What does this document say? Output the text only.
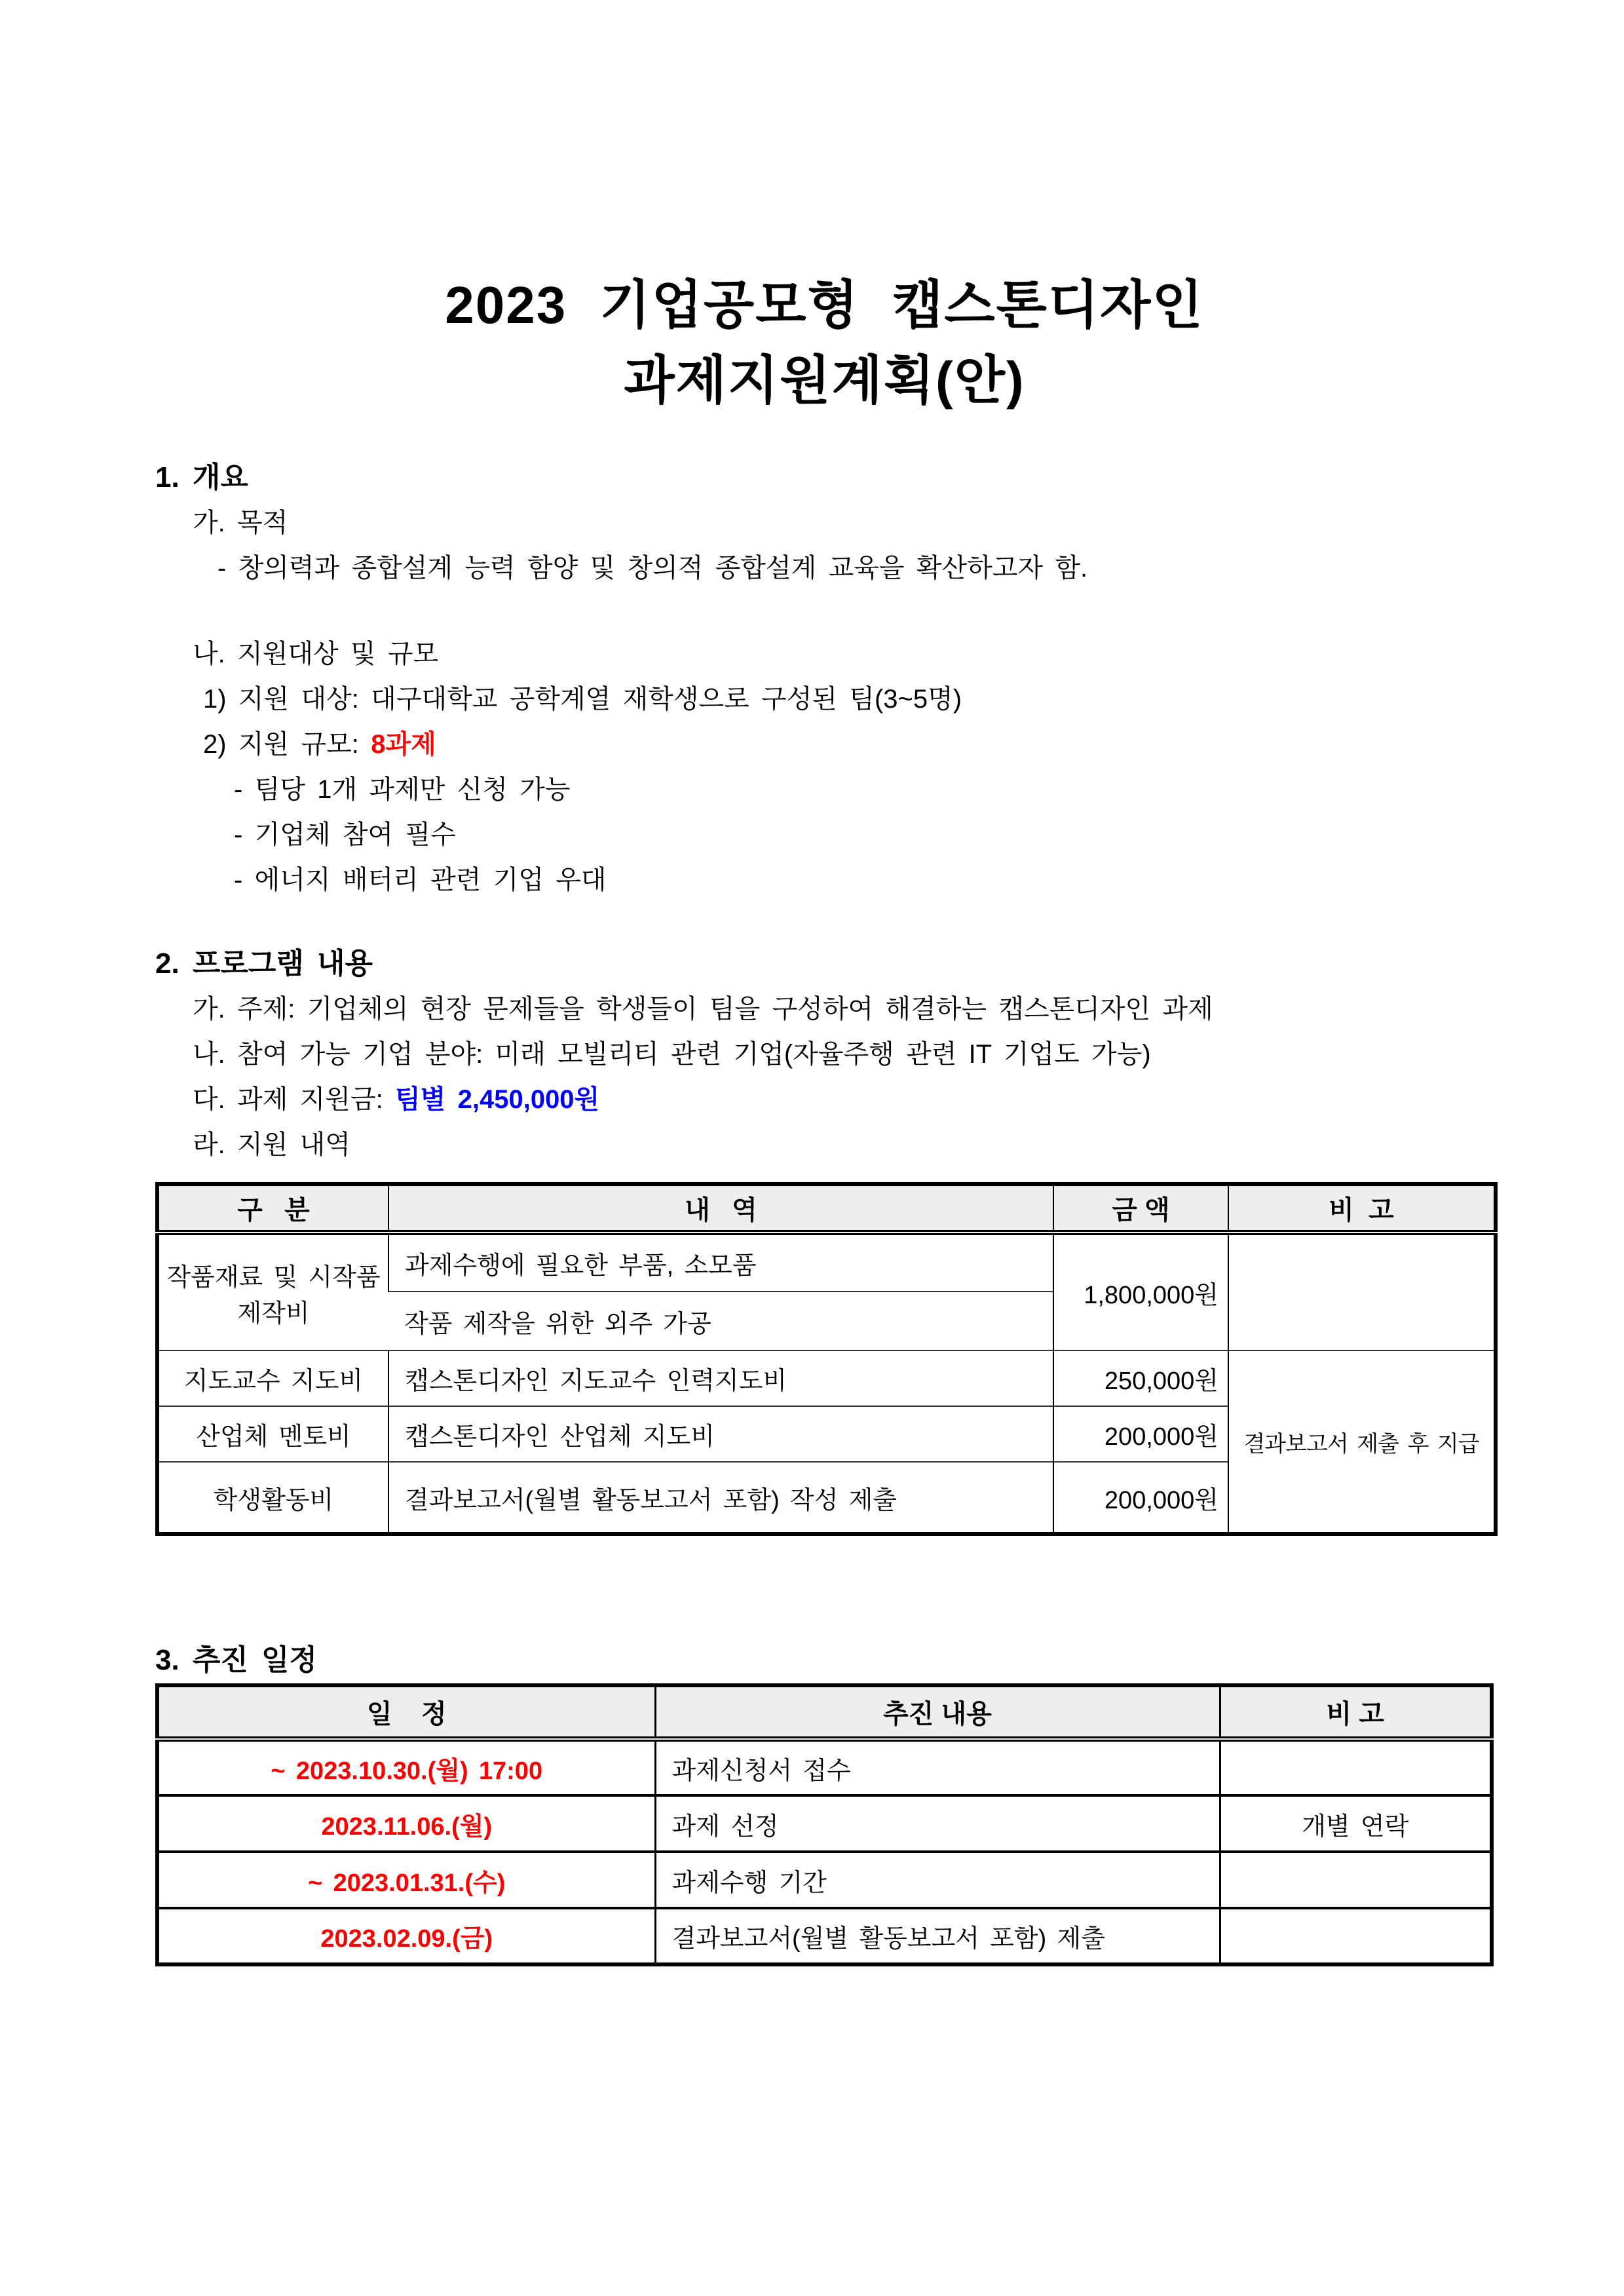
2023 기업공모형 캡스톤디자인
과제지원계획(안)
1. 개요
가. 목적
- 창의력과 종합설계 능력 함양 및 창의적 종합설계 교육을 확산하고자 함.
나. 지원대상 및 규모
1) 지원 대상: 대구대학교 공학계열 재학생으로 구성된 팀(3~5명)
2) 지원 규모: 8과제
- 팀당 1개 과제만 신청 가능
- 기업체 참여 필수
- 에너지 배터리 관련 기업 우대
2. 프로그램 내용
가. 주제: 기업체의 현장 문제들을 학생들이 팀을 구성하여 해결하는 캡스톤디자인 과제
나. 참여 가능 기업 분야: 미래 모빌리티 관련 기업(자율주행 관련 IT 기업도 가능)
다. 과제 지원금: 팀별 2,450,000원
라. 지원 내역
구   분	내   역	금 액	비  고
작품재료 및 시작품제작비	과제수행에 필요한 부품, 소모품	1,800,000원	
	작품 제작을 위한 외주 가공		
지도교수 지도비	캡스톤디자인 지도교수 인력지도비	250,000원	결과보고서 제출 후 지급
산업체 멘토비	캡스톤디자인 산업체 지도비	200,000원	
학생활동비	결과보고서(월별 활동보고서 포함) 작성 제출	200,000원	
3. 추진 일정
일    정	추진 내용	비 고
~ 2023.10.30.(월) 17:00	과제신청서 접수	
2023.11.06.(월)	과제 선정	개별 연락
~ 2023.01.31.(수)	과제수행 기간	
2023.02.09.(금)	결과보고서(월별 활동보고서 포함) 제출	
